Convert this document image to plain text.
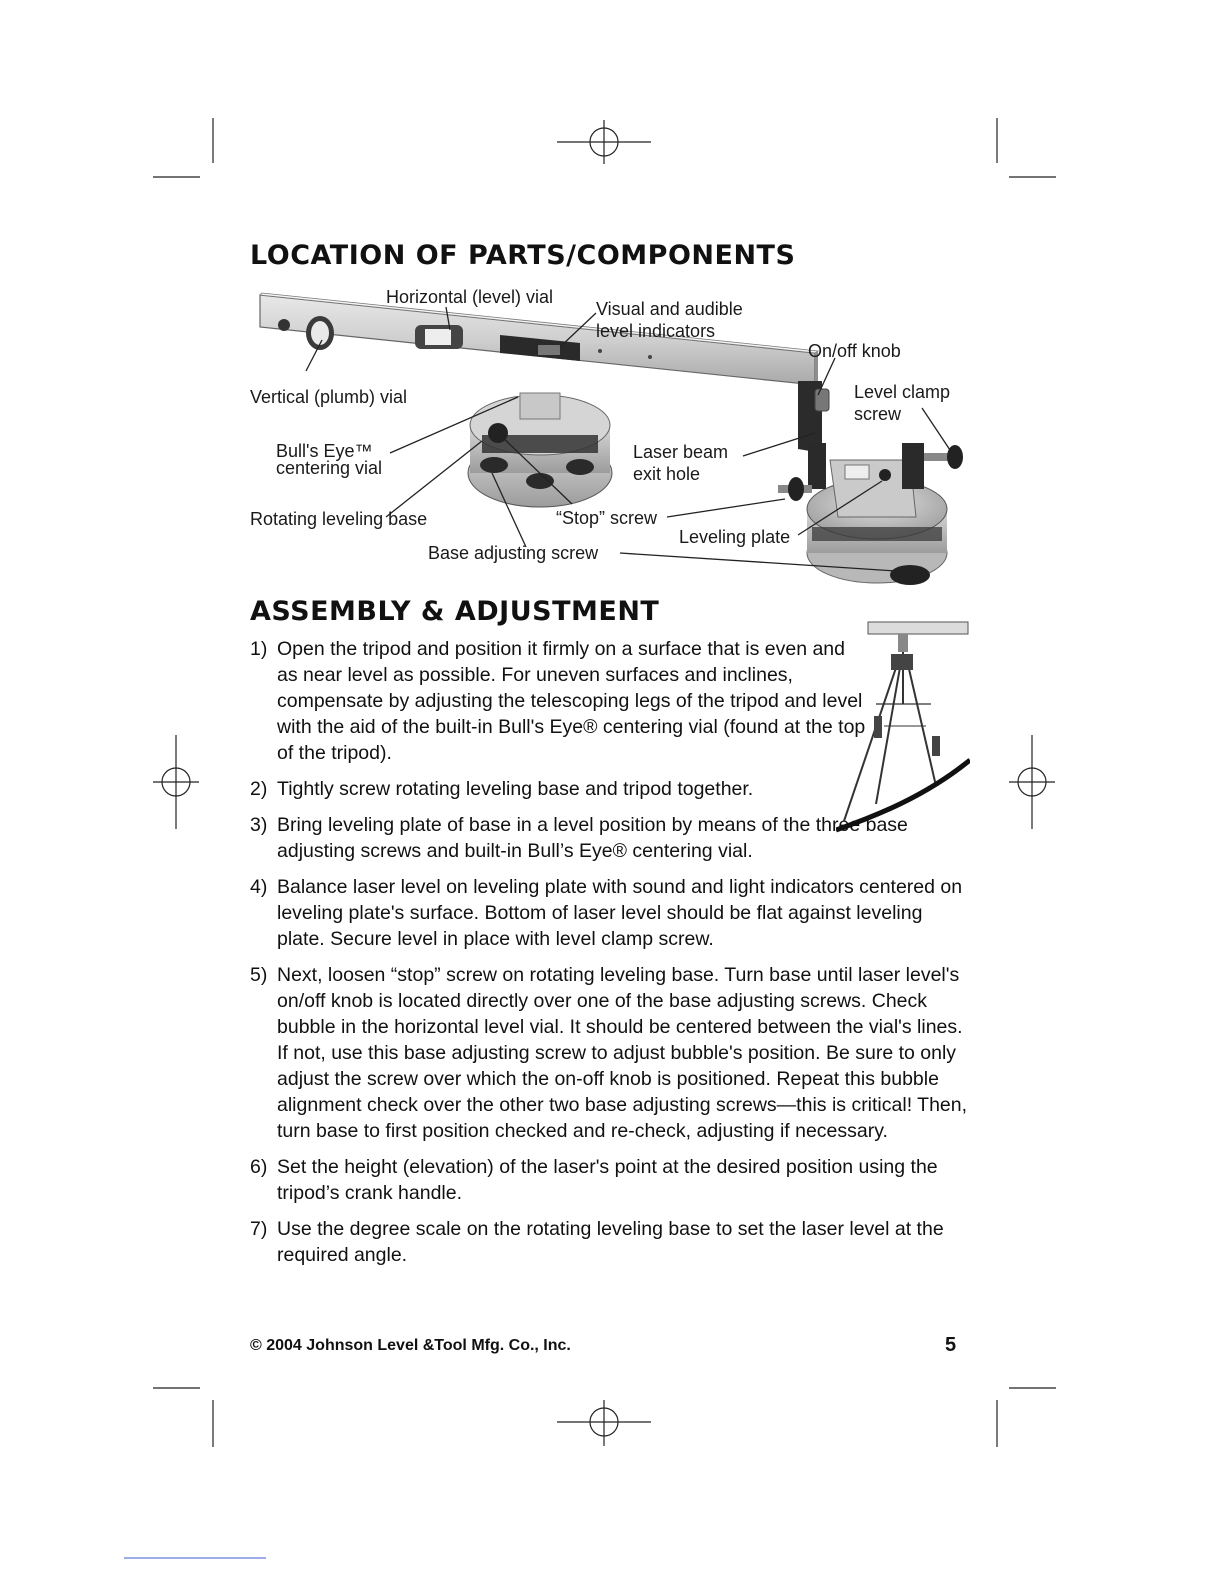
LOCATION OF PARTS/COMPONENTS
Horizontal (level) vial
Visual and audible
level indicators
On/off knob
Level clamp
screw
Vertical (plumb) vial
Bull's Eye™
centering vial
Laser beam
exit hole
Rotating leveling base	“Stop” screw
Leveling plate
Base adjusting screw
ASSEMBLY & ADJUSTMENT
1) Open the tripod and position it firmly on a surface that is even and as near level as possible. For uneven surfaces and inclines, compensate by adjusting the telescoping legs of the tripod and level with the aid of the built-in Bull's Eye® centering vial (found at the top of the tripod).
2) Tightly screw rotating leveling base and tripod together.
3) Bring leveling plate of base in a level position by means of the three base adjusting screws and built-in Bull’s Eye® centering vial.
4) Balance laser level on leveling plate with sound and light indicators centered on leveling plate's surface. Bottom of laser level should be flat against leveling plate. Secure level in place with level clamp screw.
5) Next, loosen “stop” screw on rotating leveling base. Turn base until laser level's on/off knob is located directly over one of the base adjusting screws. Check bubble in the horizontal level vial. It should be centered between the vial's lines. If not, use this base adjusting screw to adjust bubble's position. Be sure to only adjust the screw over which the on-off knob is positioned. Repeat this bubble alignment check over the other two base adjusting screws—this is critical! Then, turn base to first position checked and re-check, adjusting if necessary.
6) Set the height (elevation) of the laser's point at the desired position using the tripod’s crank handle.
7) Use the degree scale on the rotating leveling base to set the laser level at the required angle.
© 2004 Johnson Level &Tool Mfg. Co., Inc.	5
